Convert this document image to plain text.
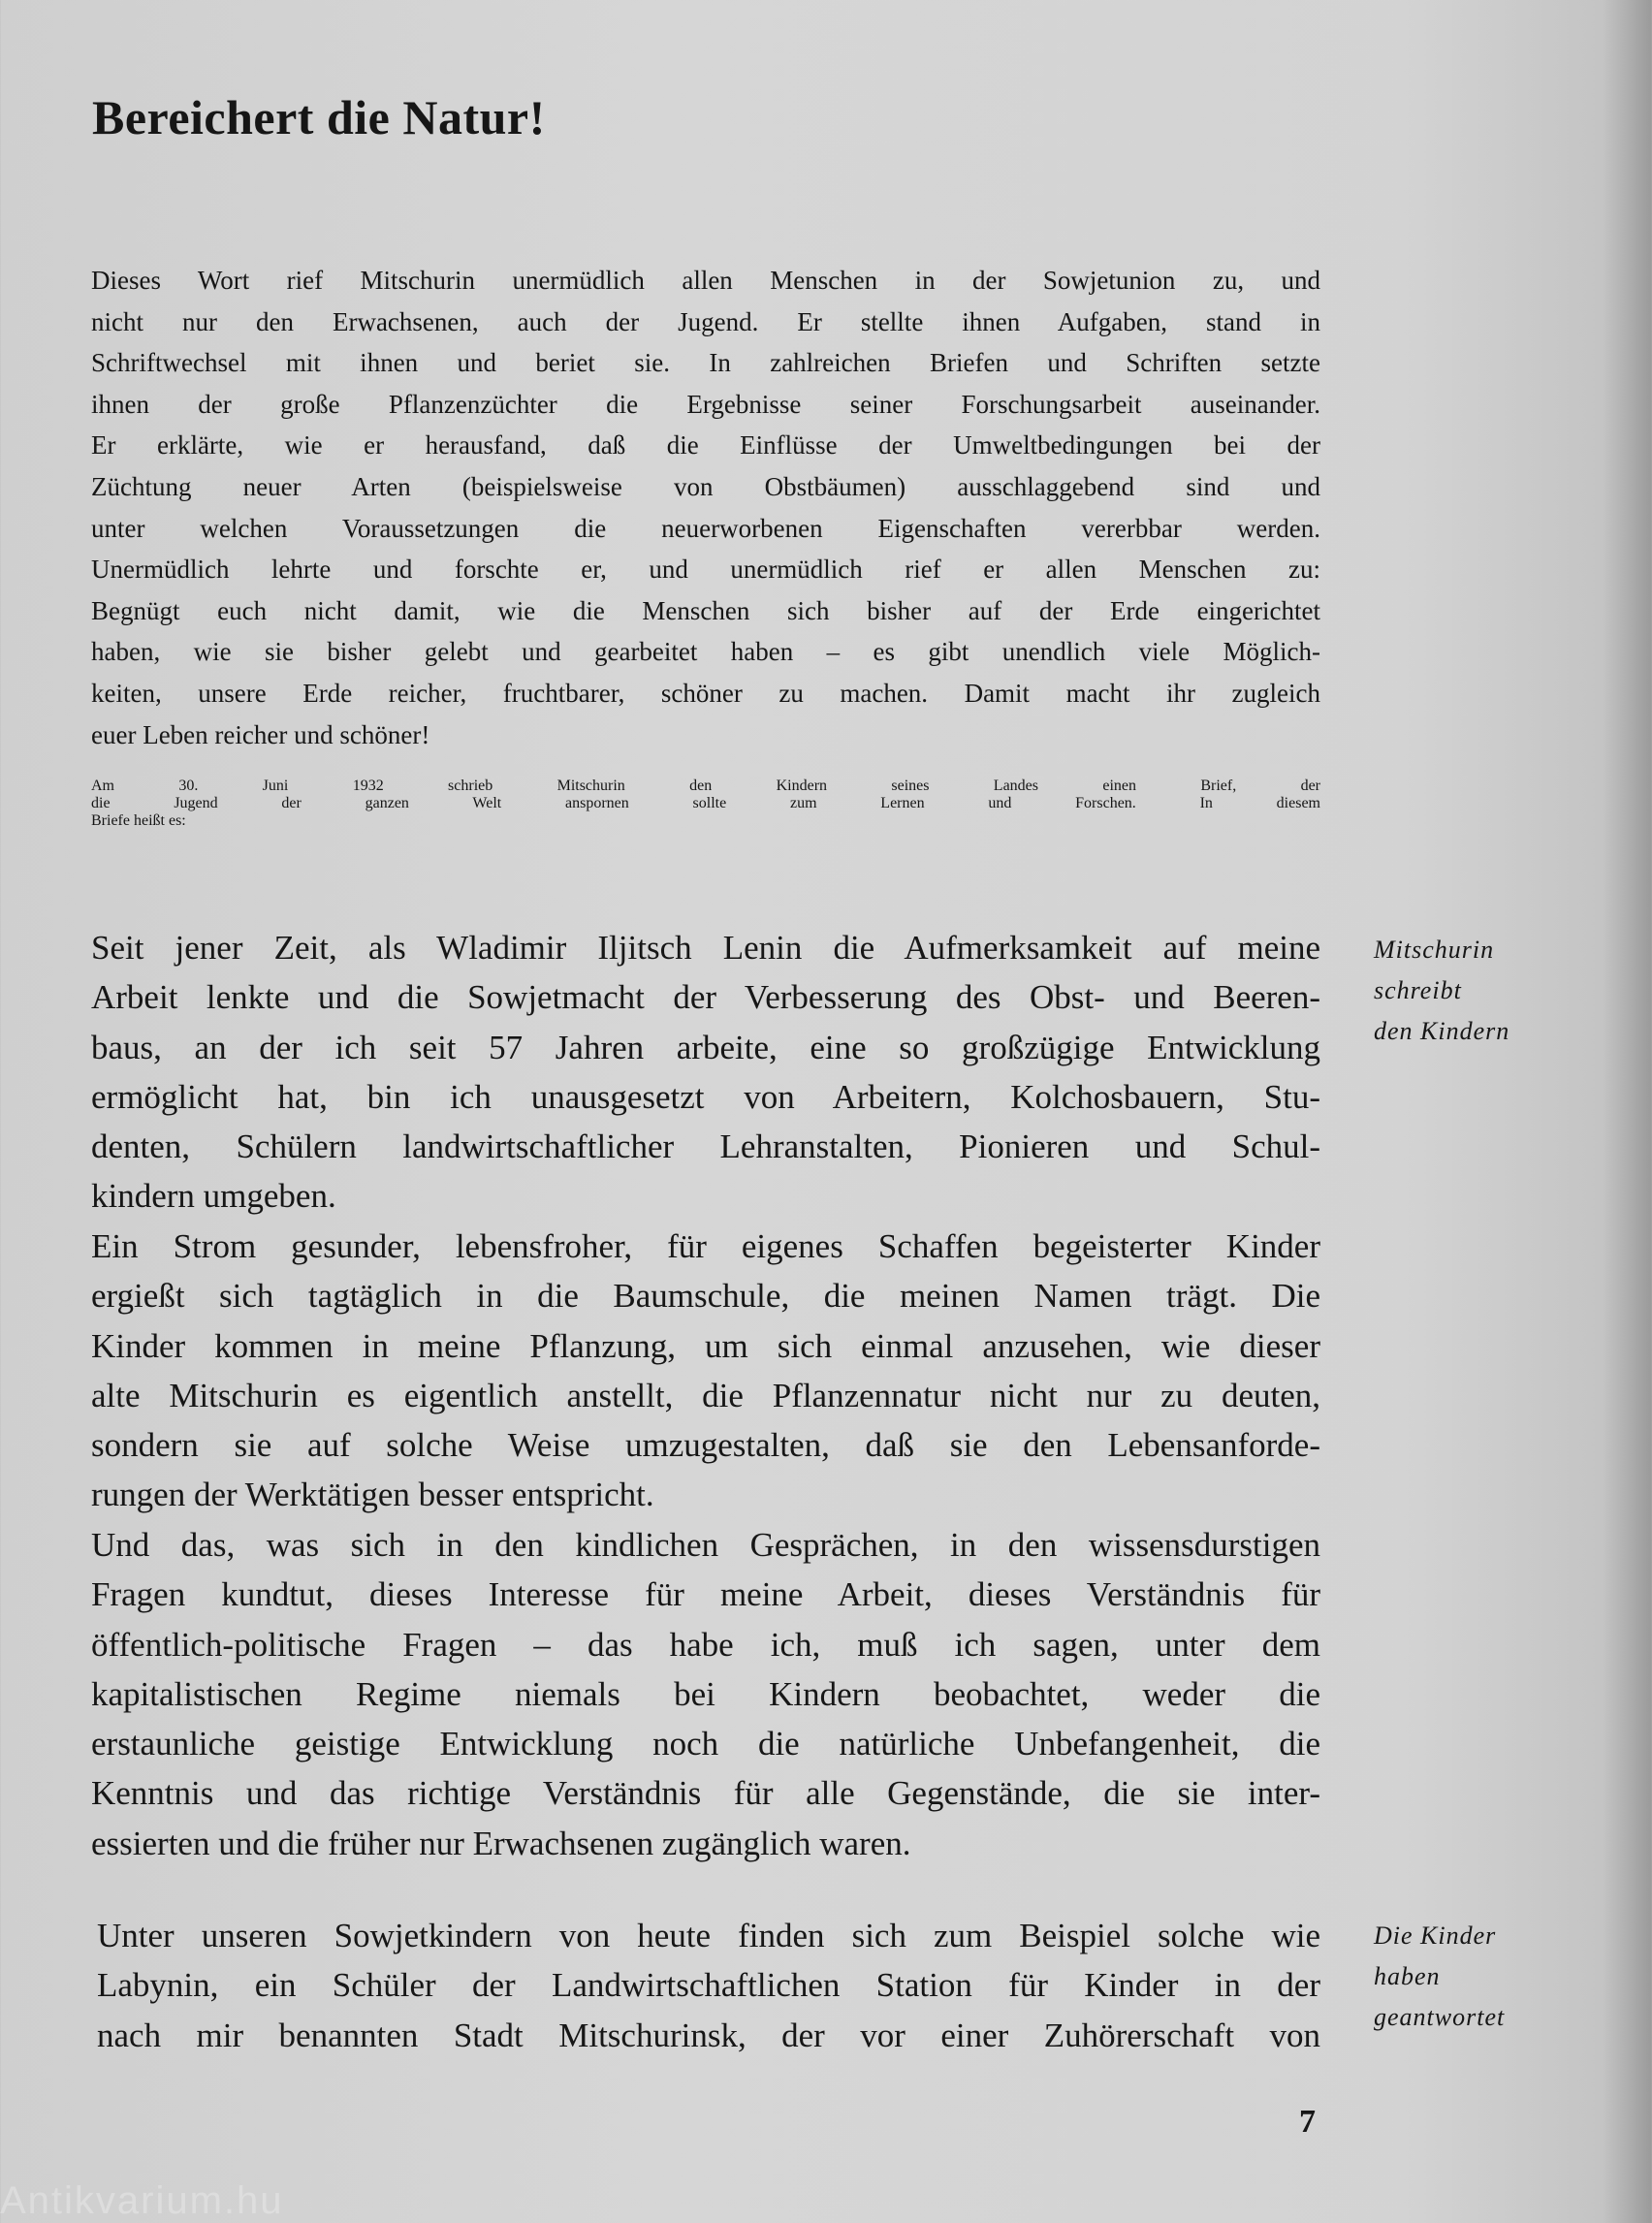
Bereichert die Natur!
Dieses Wort rief Mitschurin unermüdlich allen Menschen in der Sowjetunion zu, und
nicht nur den Erwachsenen, auch der Jugend. Er stellte ihnen Aufgaben, stand in
Schriftwechsel mit ihnen und beriet sie. In zahlreichen Briefen und Schriften setzte
ihnen der große Pflanzenzüchter die Ergebnisse seiner Forschungsarbeit auseinander.
Er erklärte, wie er herausfand, daß die Einflüsse der Umweltbedingungen bei der
Züchtung neuer Arten (beispielsweise von Obstbäumen) ausschlaggebend sind und
unter welchen Voraussetzungen die neuerworbenen Eigenschaften vererbbar werden.
Unermüdlich lehrte und forschte er, und unermüdlich rief er allen Menschen zu:
Begnügt euch nicht damit, wie die Menschen sich bisher auf der Erde eingerichtet
haben, wie sie bisher gelebt und gearbeitet haben – es gibt unendlich viele Möglich-
keiten, unsere Erde reicher, fruchtbarer, schöner zu machen. Damit macht ihr zugleich
euer Leben reicher und schöner!
Am 30. Juni 1932 schrieb Mitschurin den Kindern seines Landes einen Brief, der
die Jugend der ganzen Welt anspornen sollte zum Lernen und Forschen. In diesem
Briefe heißt es:
Seit jener Zeit, als Wladimir Iljitsch Lenin die Aufmerksamkeit auf meine
Arbeit lenkte und die Sowjetmacht der Verbesserung des Obst- und Beeren-
baus, an der ich seit 57 Jahren arbeite, eine so großzügige Entwicklung
ermöglicht hat, bin ich unausgesetzt von Arbeitern, Kolchosbauern, Stu-
denten, Schülern landwirtschaftlicher Lehranstalten, Pionieren und Schul-
kindern umgeben.
Ein Strom gesunder, lebensfroher, für eigenes Schaffen begeisterter Kinder
ergießt sich tagtäglich in die Baumschule, die meinen Namen trägt. Die
Kinder kommen in meine Pflanzung, um sich einmal anzusehen, wie dieser
alte Mitschurin es eigentlich anstellt, die Pflanzennatur nicht nur zu deuten,
sondern sie auf solche Weise umzugestalten, daß sie den Lebensanforde-
rungen der Werktätigen besser entspricht.
Und das, was sich in den kindlichen Gesprächen, in den wissensdurstigen
Fragen kundtut, dieses Interesse für meine Arbeit, dieses Verständnis für
öffentlich-politische Fragen – das habe ich, muß ich sagen, unter dem
kapitalistischen Regime niemals bei Kindern beobachtet, weder die
erstaunliche geistige Entwicklung noch die natürliche Unbefangenheit, die
Kenntnis und das richtige Verständnis für alle Gegenstände, die sie inter-
essierten und die früher nur Erwachsenen zugänglich waren.
Unter unseren Sowjetkindern von heute finden sich zum Beispiel solche wie
Labynin, ein Schüler der Landwirtschaftlichen Station für Kinder in der
nach mir benannten Stadt Mitschurinsk, der vor einer Zuhörerschaft von
Mitschurin
schreibt
den Kindern
Die Kinder
haben
geantwortet
7
Antikvarium.hu
